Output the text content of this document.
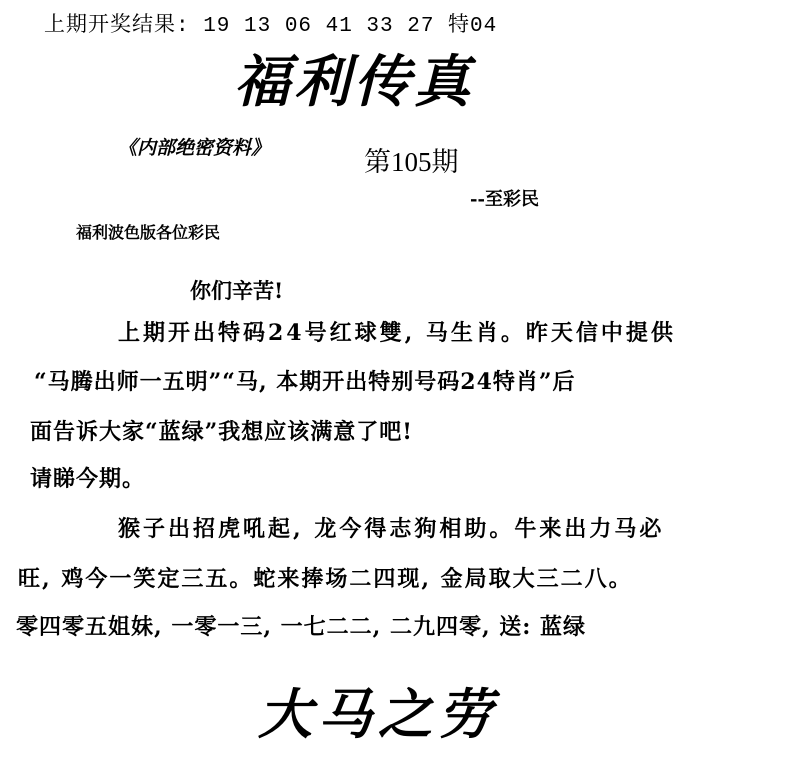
上期开奖结果: 19 13 06 41 33 27 特04
福利传真
《内部绝密资料》	第105期
--至彩民
福利波色版各位彩民
你们辛苦!
上期开出特码24号红球雙, 马生肖。昨天信中提供
“马腾出师一五明”“马, 本期开出特别号码24特肖”后
面告诉大家“蓝绿”我想应该满意了吧!
请睇今期。
猴子出招虎吼起, 龙今得志狗相助。牛来出力马必
旺, 鸡今一笑定三五。蛇来捧场二四现, 金局取大三二八。
零四零五姐妹, 一零一三, 一七二二, 二九四零, 送: 蓝绿
大马之劳
